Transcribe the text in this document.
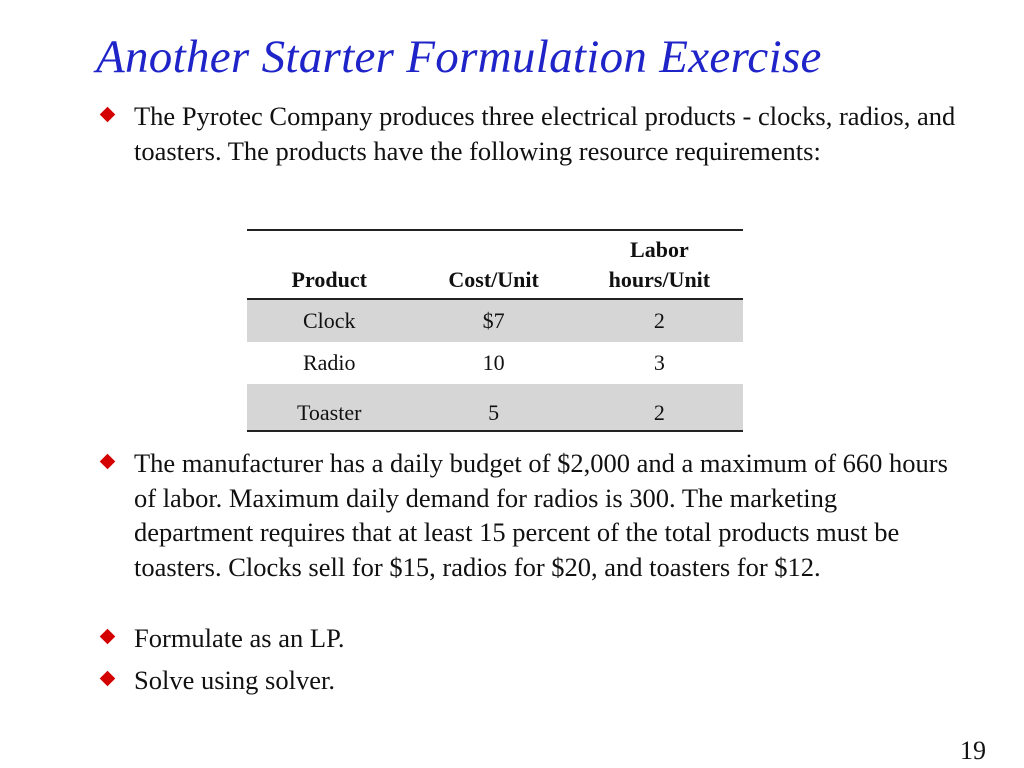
Another Starter Formulation Exercise
The Pyrotec Company produces three electrical products - clocks, radios, and toasters. The products have the following resource requirements:
Product	Cost/Unit	Labor
hours/Unit
Clock	$7	2
Radio	10	3
Toaster	5	2
The manufacturer has a daily budget of $2,000 and a maximum of 660 hours of labor. Maximum daily demand for radios is 300. The marketing department requires that at least 15 percent of the total products must be toasters. Clocks sell for $15, radios for $20, and toasters for $12.
Formulate as an LP.
Solve using solver.
19
